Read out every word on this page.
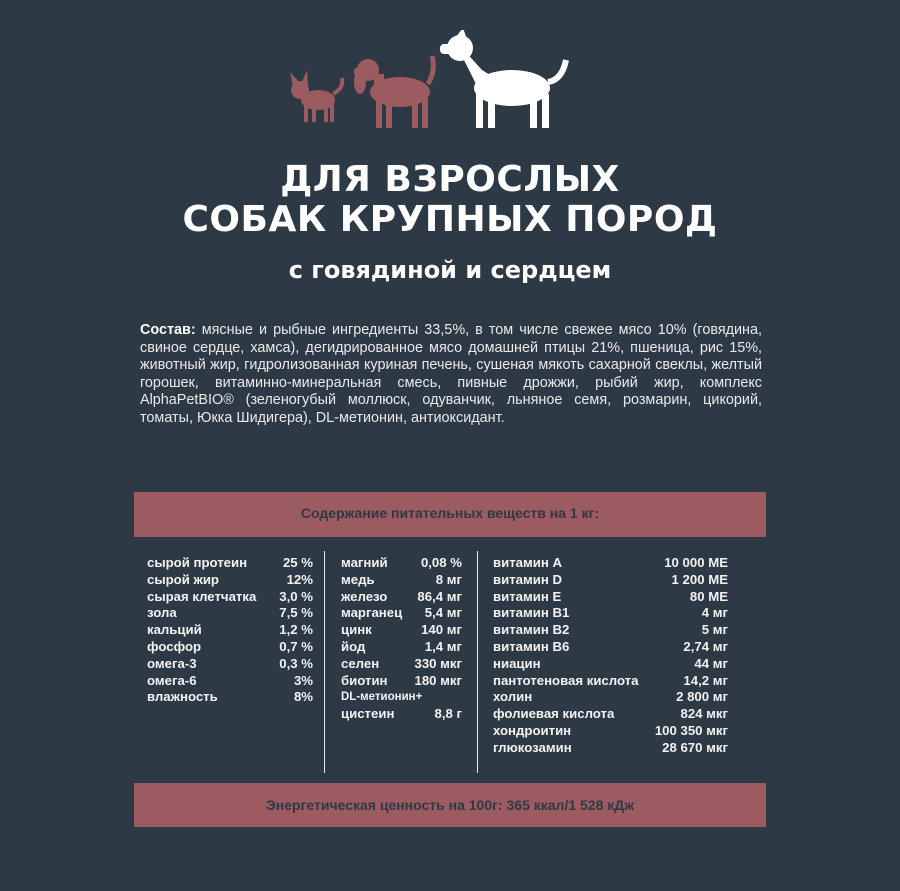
ДЛЯ ВЗРОСЛЫХ
СОБАК КРУПНЫХ ПОРОД
с говядиной и сердцем
Состав: мясные и рыбные ингредиенты 33,5%, в том числе свежее мясо 10% (говядина, свиное сердце, хамса), дегидрированное мясо домашней птицы 21%, пшеница, рис 15%, животный жир, гидролизованная куриная печень, сушеная мякоть сахарной свеклы, желтый горошек, витаминно-минеральная смесь, пивные дрожжи, рыбий жир, комплекс AlphaPetBIO® (зеленогубый моллюск, одуванчик, льняное семя, розмарин, цикорий, томаты, Юкка Шидигера), DL-метионин, антиоксидант.
Содержание питательных веществ на 1 кг:
сырой протеин	25 %
сырой жир	12%
сырая клетчатка 3,0 %
зола	7,5 %
кальций	1,2 %
фосфор	0,7 %
омега-3	0,3 %
омега-6	3%
влажность	8%
магний	0,08 %
медь	8 мг
железо 86,4 мг
марганец 5,4 мг
цинк	140 мг
йод	1,4 мг
селен	330 мкг
биотин 180 мкг
DL-метионин+
цистеин	8,8 г
витамин А	10 000 МЕ
витамин D	1 200 МЕ
витамин Е	80 МЕ
витамин B1	4 мг
витамин B2	5 мг
витамин B6	2,74 мг
ниацин	44 мг
пантотеновая кислота	14,2 мг
холин	2 800 мг
фолиевая кислота	824 мкг
хондроитин	100 350 мкг
глюкозамин	28 670 мкг
Энергетическая ценность на 100г: 365 ккал/1 528 кДж
